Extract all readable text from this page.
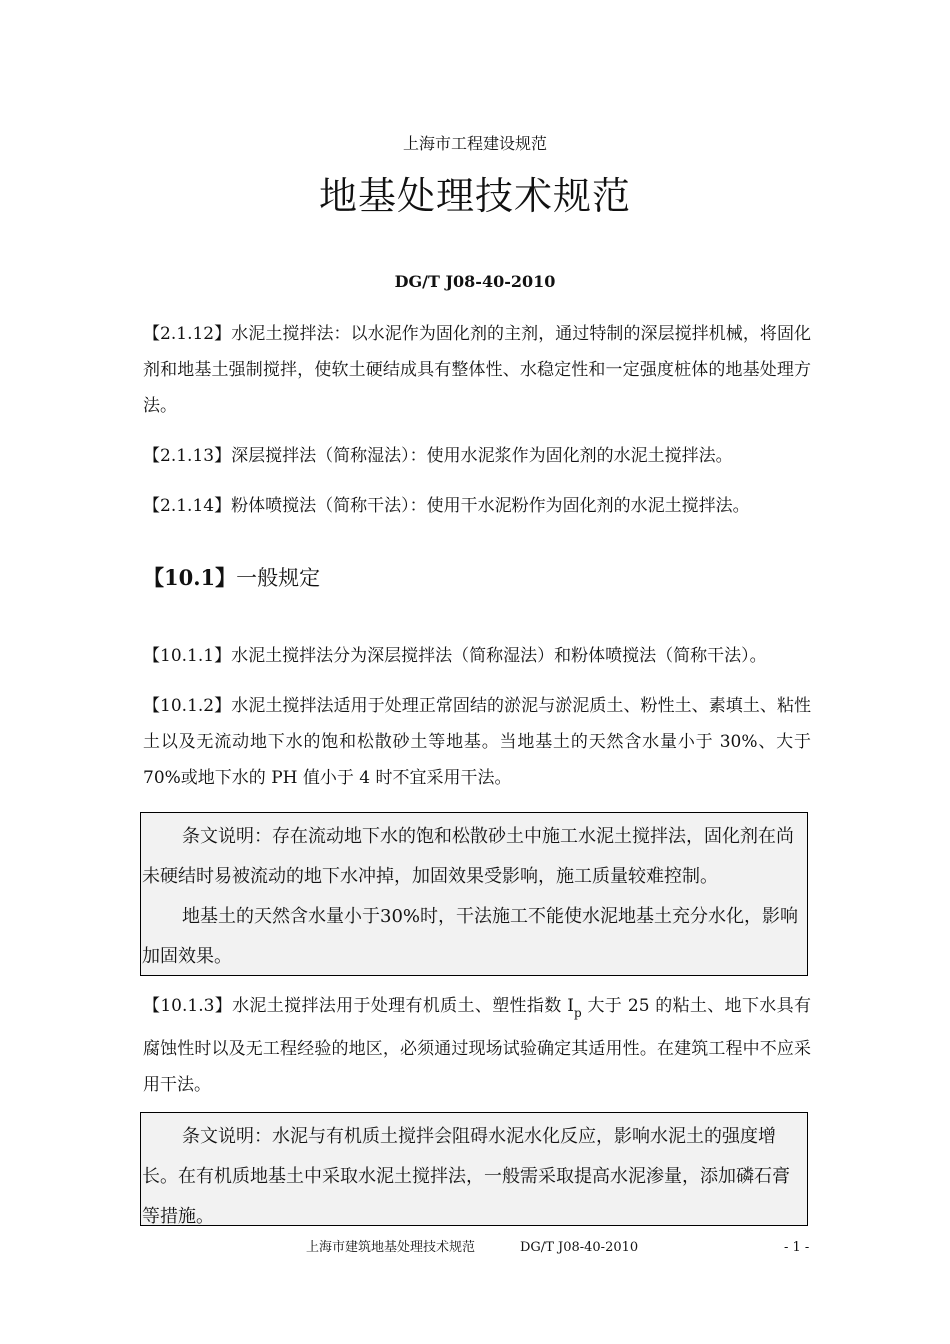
上海市工程建设规范
地基处理技术规范
DG/T J08-40-2010

【2.1.12】水泥土搅拌法：以水泥作为固化剂的主剂，通过特制的深层搅拌机械，将固化剂和地基土强制搅拌，使软土硬结成具有整体性、水稳定性和一定强度桩体的地基处理方法。

【2.1.13】深层搅拌法（简称湿法）：使用水泥浆作为固化剂的水泥土搅拌法。

【2.1.14】粉体喷搅法（简称干法）：使用干水泥粉作为固化剂的水泥土搅拌法。

【10.1】一般规定

【10.1.1】水泥土搅拌法分为深层搅拌法（简称湿法）和粉体喷搅法（简称干法）。

【10.1.2】水泥土搅拌法适用于处理正常固结的淤泥与淤泥质土、粉性土、素填土、粘性土以及无流动地下水的饱和松散砂土等地基。当地基土的天然含水量小于 30%、大于 70%或地下水的 PH 值小于 4 时不宜采用干法。

条文说明：存在流动地下水的饱和松散砂土中施工水泥土搅拌法，固化剂在尚未硬结时易被流动的地下水冲掉，加固效果受影响，施工质量较难控制。

地基土的天然含水量小于30%时，干法施工不能使水泥地基土充分水化，影响加固效果。

【10.1.3】水泥土搅拌法用于处理有机质土、塑性指数 $I_p$ 大于 25 的粘土、地下水具有腐蚀性时以及无工程经验的地区，必须通过现场试验确定其适用性。在建筑工程中不应采用干法。

条文说明：水泥与有机质土搅拌会阻碍水泥水化反应，影响水泥土的强度增长。在有机质地基土中采取水泥土搅拌法，一般需采取提高水泥渗量，添加磷石膏等措施。

上海市建筑地基处理技术规范	DG/T J08-40-2010	- 1 -
